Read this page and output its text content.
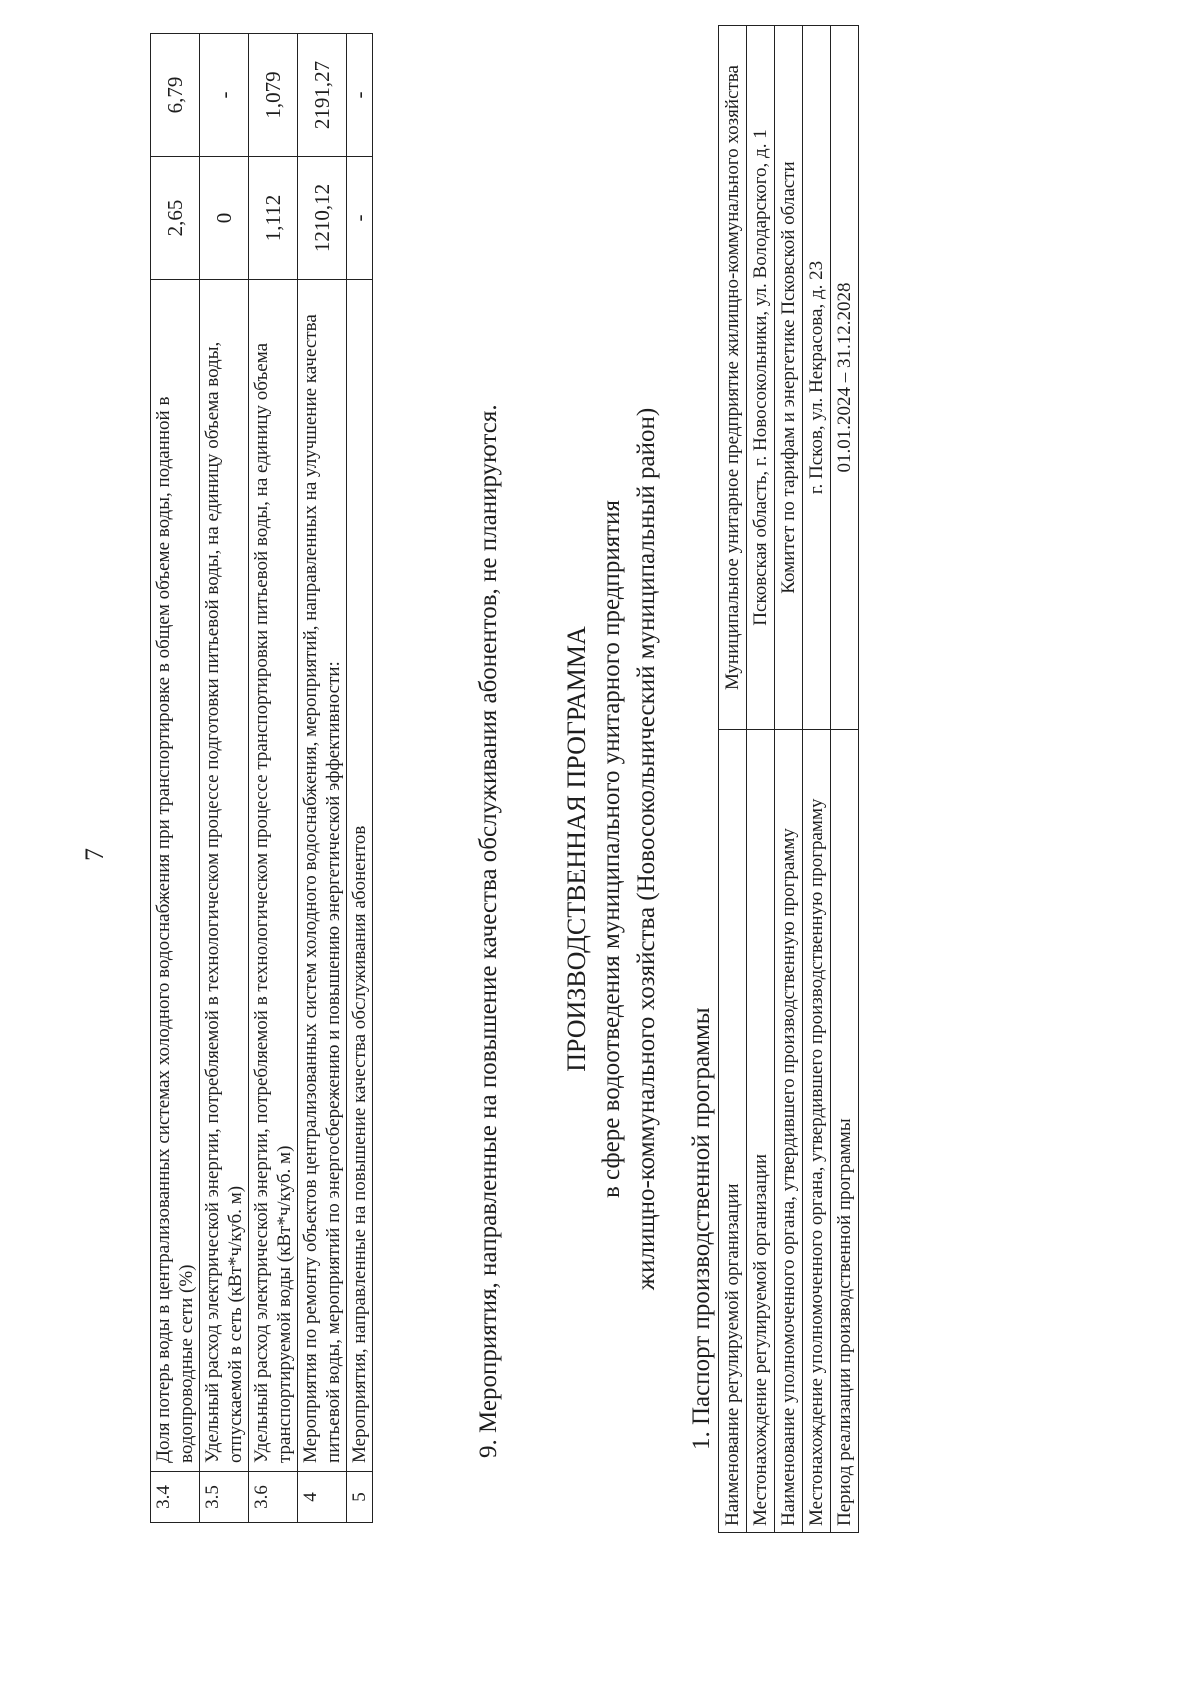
7
3.4	Доля потерь воды в централизованных системах холодного водоснабжения при транспортировке в общем объеме воды, поданной в водопроводные сети (%)	2,65	6,79
3.5	Удельный расход электрической энергии, потребляемой в технологическом процессе подготовки питьевой воды, на единицу объема воды, отпускаемой в сеть (кВт*ч/куб. м)	0	-
3.6	Удельный расход электрической энергии, потребляемой в технологическом процессе транспортировки питьевой воды, на единицу объема транспортируемой воды (кВт*ч/куб. м)	1,112	1,079
4	Мероприятия по ремонту объектов централизованных систем холодного водоснабжения, мероприятий, направленных на улучшение качества питьевой воды, мероприятий по энергосбережению и повышению энергетической эффективности:	1210,12	2191,27
5	Мероприятия, направленные на повышение качества обслуживания абонентов	-	-
9. Мероприятия, направленные на повышение качества обслуживания абонентов, не планируются. ПРОИЗВОДСТВЕННАЯ ПРОГРАММА в сфере водоотведения муниципального унитарного предприятия жилищно-коммунального хозяйства (Новосокольнический муниципальный район) 1. Паспорт производственной программы Наименование регулируемой организации	Муниципальное унитарное предприятие жилищно-коммунального хозяйства
Местонахождение регулируемой организации	Псковская область, г. Новосокольники, ул. Володарского, д. 1
Наименование уполномоченного органа, утвердившего производственную программу	Комитет по тарифам и энергетике Псковской области
Местонахождение уполномоченного органа, утвердившего производственную программу	г. Псков, ул. Некрасова, д. 23
Период реализации производственной программы	01.01.2024 – 31.12.2028
